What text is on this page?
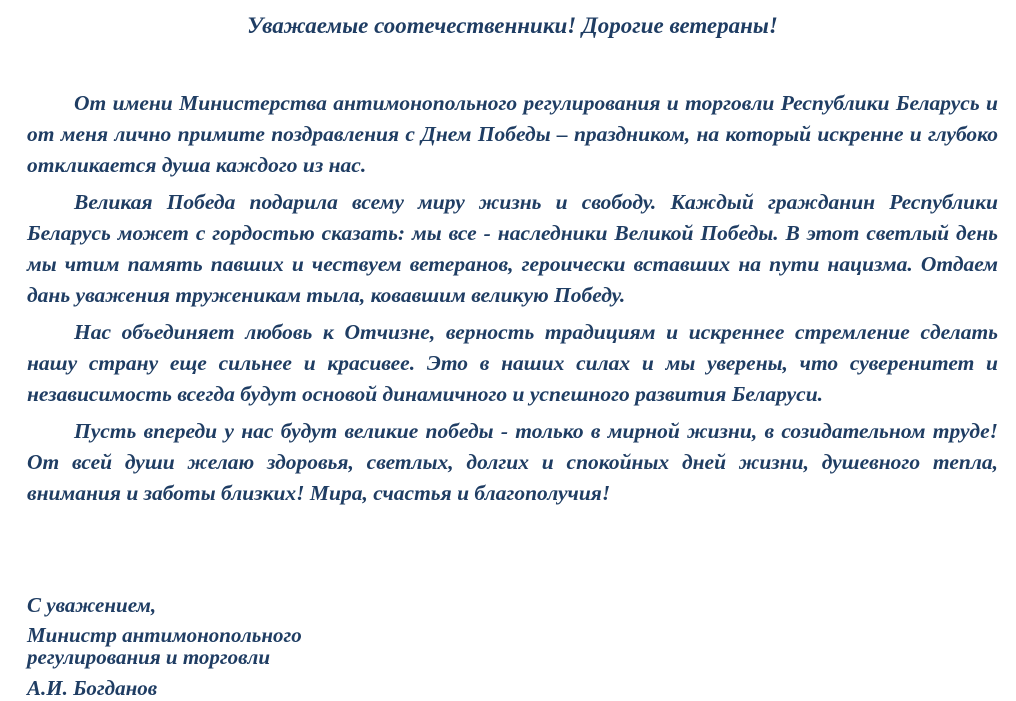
Уважаемые соотечественники! Дорогие ветераны!

От имени Министерства антимонопольного регулирования и торговли Республики Беларусь и от меня лично примите поздравления с Днем Победы – праздником, на который искренне и глубоко откликается душа каждого из нас.

Великая Победа подарила всему миру жизнь и свободу. Каждый гражданин Республики Беларусь может с гордостью сказать: мы все - наследники Великой Победы. В этот светлый день мы чтим память павших и чествуем ветеранов, героически вставших на пути нацизма. Отдаем дань уважения труженикам тыла, ковавшим великую Победу.

Нас объединяет любовь к Отчизне, верность традициям и искреннее стремление сделать нашу страну еще сильнее и красивее. Это в наших силах и мы уверены, что суверенитет и независимость всегда будут основой динамичного и успешного развития Беларуси.

Пусть впереди у нас будут великие победы - только в мирной жизни, в созидательном труде! От всей души желаю здоровья, светлых, долгих и спокойных дней жизни, душевного тепла, внимания и заботы близких! Мира, счастья и благополучия!

С уважением,
Министр антимонопольного
регулирования и торговли
А.И. Богданов
